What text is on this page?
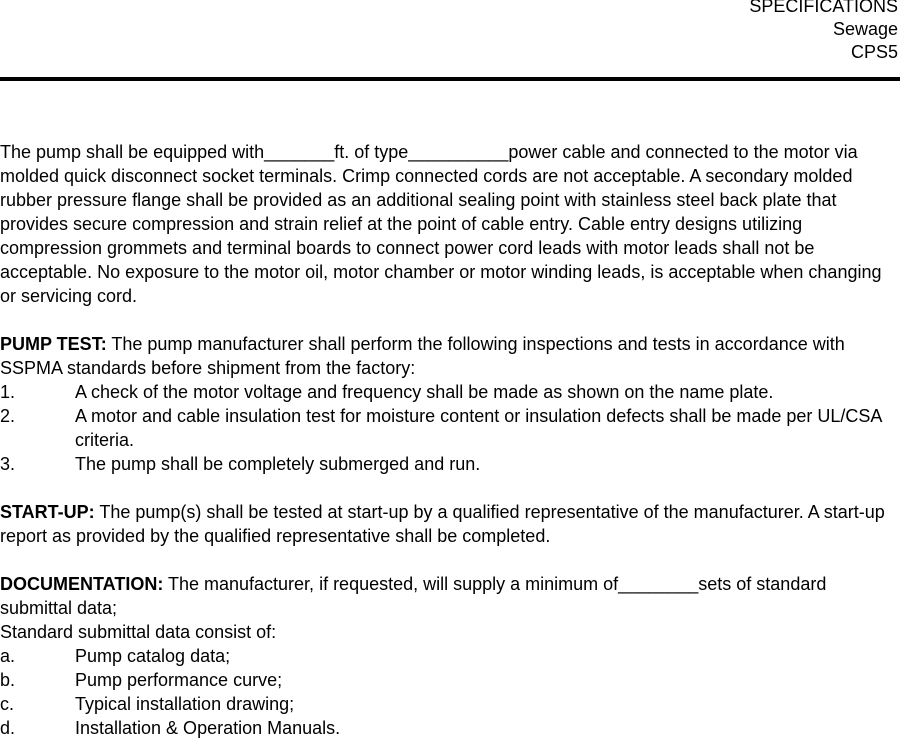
SPECIFICATIONS
Sewage
CPS5

The pump shall be equipped with_______ft. of type__________power cable and connected to the motor via molded quick disconnect socket terminals. Crimp connected cords are not acceptable. A secondary molded rubber pressure flange shall be provided as an additional sealing point with stainless steel back plate that provides secure compression and strain relief at the point of cable entry. Cable entry designs utilizing compression grommets and terminal boards to connect power cord leads with motor leads shall not be acceptable. No exposure to the motor oil, motor chamber or motor winding leads, is acceptable when changing or servicing cord.

PUMP TEST: The pump manufacturer shall perform the following inspections and tests in accordance with SSPMA standards before shipment from the factory:

1.	A check of the motor voltage and frequency shall be made as shown on the name plate.
2.	A motor and cable insulation test for moisture content or insulation defects shall be made per UL/CSA criteria.
3.	The pump shall be completely submerged and run.

START-UP: The pump(s) shall be tested at start-up by a qualified representative of the manufacturer. A start-up report as provided by the qualified representative shall be completed.

DOCUMENTATION: The manufacturer, if requested, will supply a minimum of________sets of standard submittal data;

Standard submittal data consist of:

a.	Pump catalog data;
b.	Pump performance curve;
c.	Typical installation drawing;
d.	Installation & Operation Manuals.
